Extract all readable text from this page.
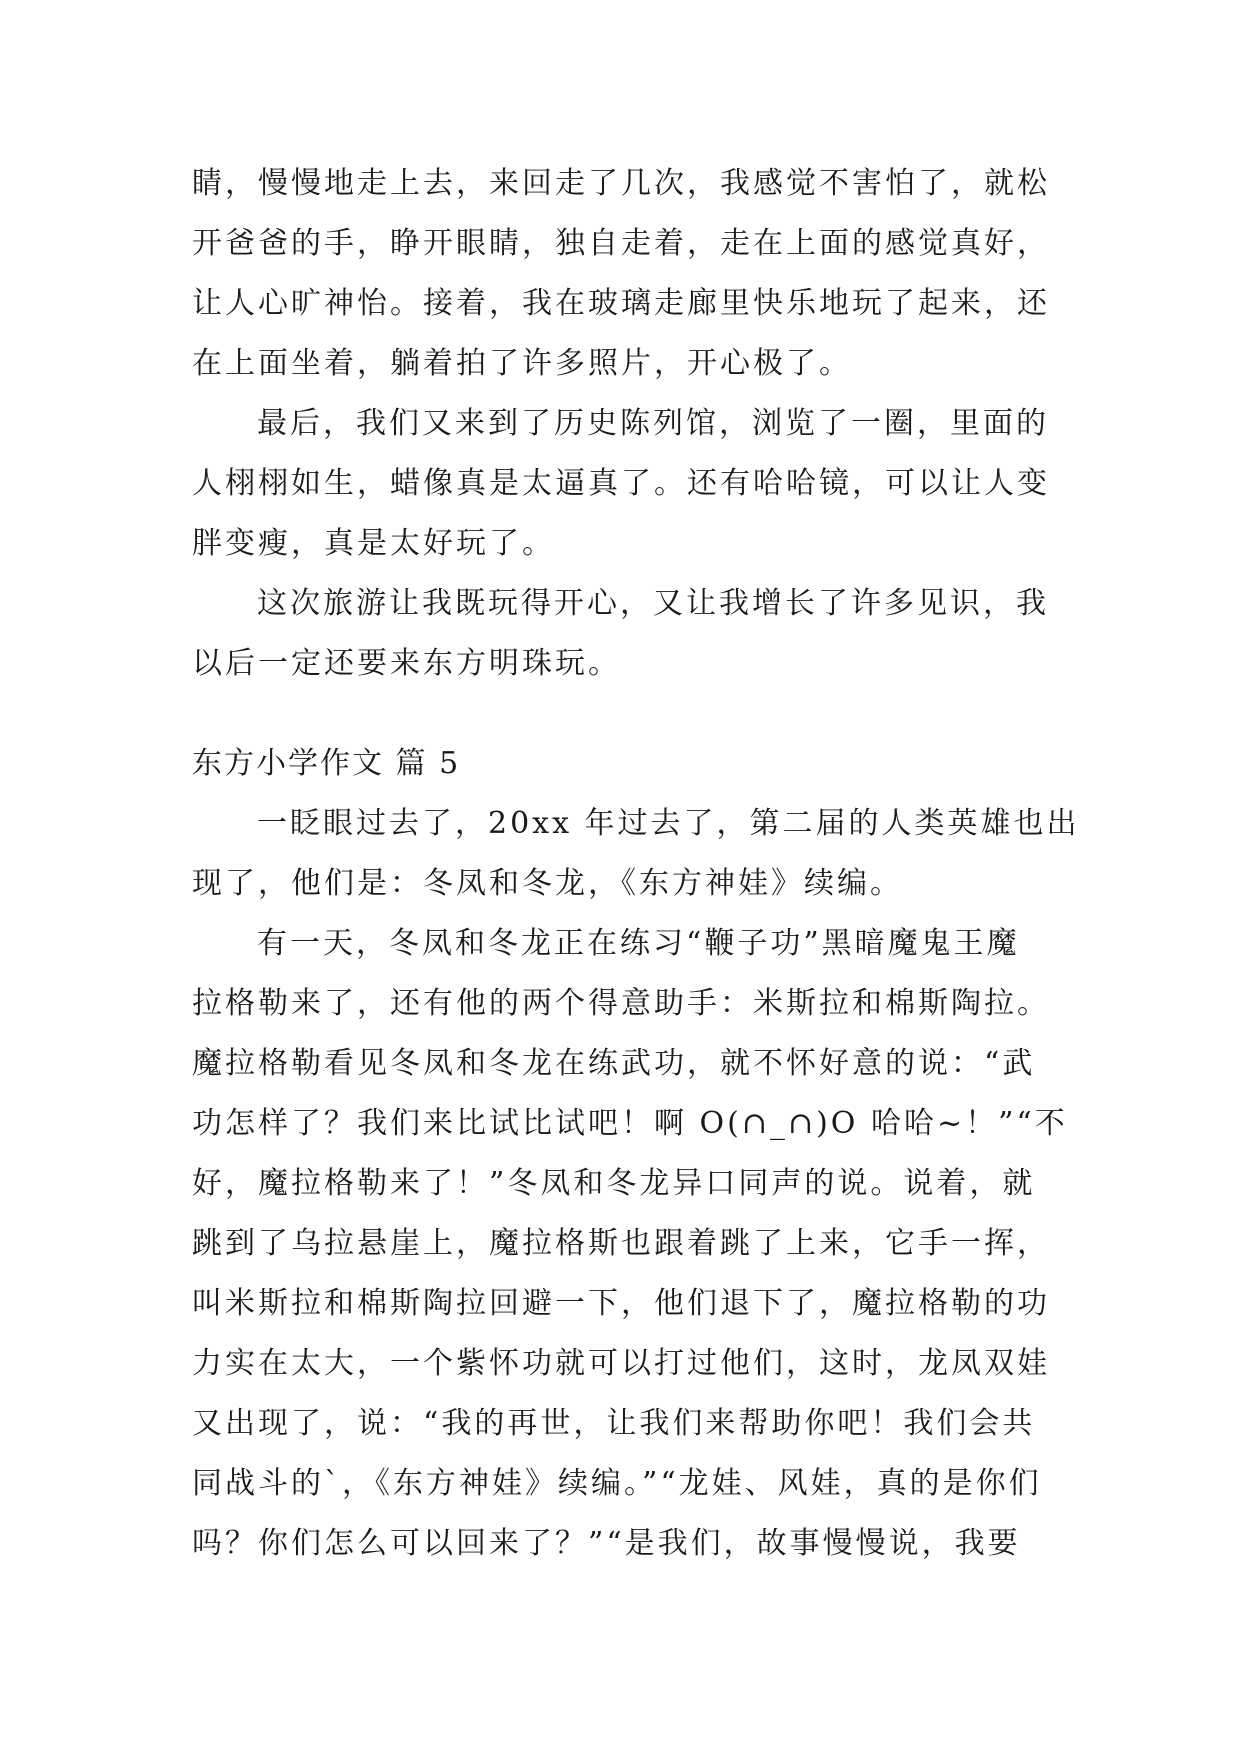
睛，慢慢地走上去，来回走了几次，我感觉不害怕了，就松
开爸爸的手，睁开眼睛，独自走着，走在上面的感觉真好，
让人心旷神怡。接着，我在玻璃走廊里快乐地玩了起来，还
在上面坐着，躺着拍了许多照片，开心极了。
最后，我们又来到了历史陈列馆，浏览了一圈，里面的
人栩栩如生，蜡像真是太逼真了。还有哈哈镜，可以让人变
胖变瘦，真是太好玩了。
这次旅游让我既玩得开心，又让我增长了许多见识，我
以后一定还要来东方明珠玩。
东方小学作文 篇 5
一眨眼过去了，20xx 年过去了，第二届的人类英雄也出
现了，他们是：冬凤和冬龙，《东方神娃》续编。
有一天，冬凤和冬龙正在练习“鞭子功”黑暗魔鬼王魔
拉格勒来了，还有他的两个得意助手：米斯拉和棉斯陶拉。
魔拉格勒看见冬凤和冬龙在练武功，就不怀好意的说：“武
功怎样了？我们来比试比试吧！啊 O(∩_∩)O 哈哈~！”“不
好，魔拉格勒来了！”冬凤和冬龙异口同声的说。说着，就
跳到了乌拉悬崖上，魔拉格斯也跟着跳了上来，它手一挥，
叫米斯拉和棉斯陶拉回避一下，他们退下了，魔拉格勒的功
力实在太大，一个紫怀功就可以打过他们，这时，龙凤双娃
又出现了，说：“我的再世，让我们来帮助你吧！我们会共
同战斗的`，《东方神娃》续编。”“龙娃、风娃，真的是你们
吗？你们怎么可以回来了？”“是我们，故事慢慢说，我要
